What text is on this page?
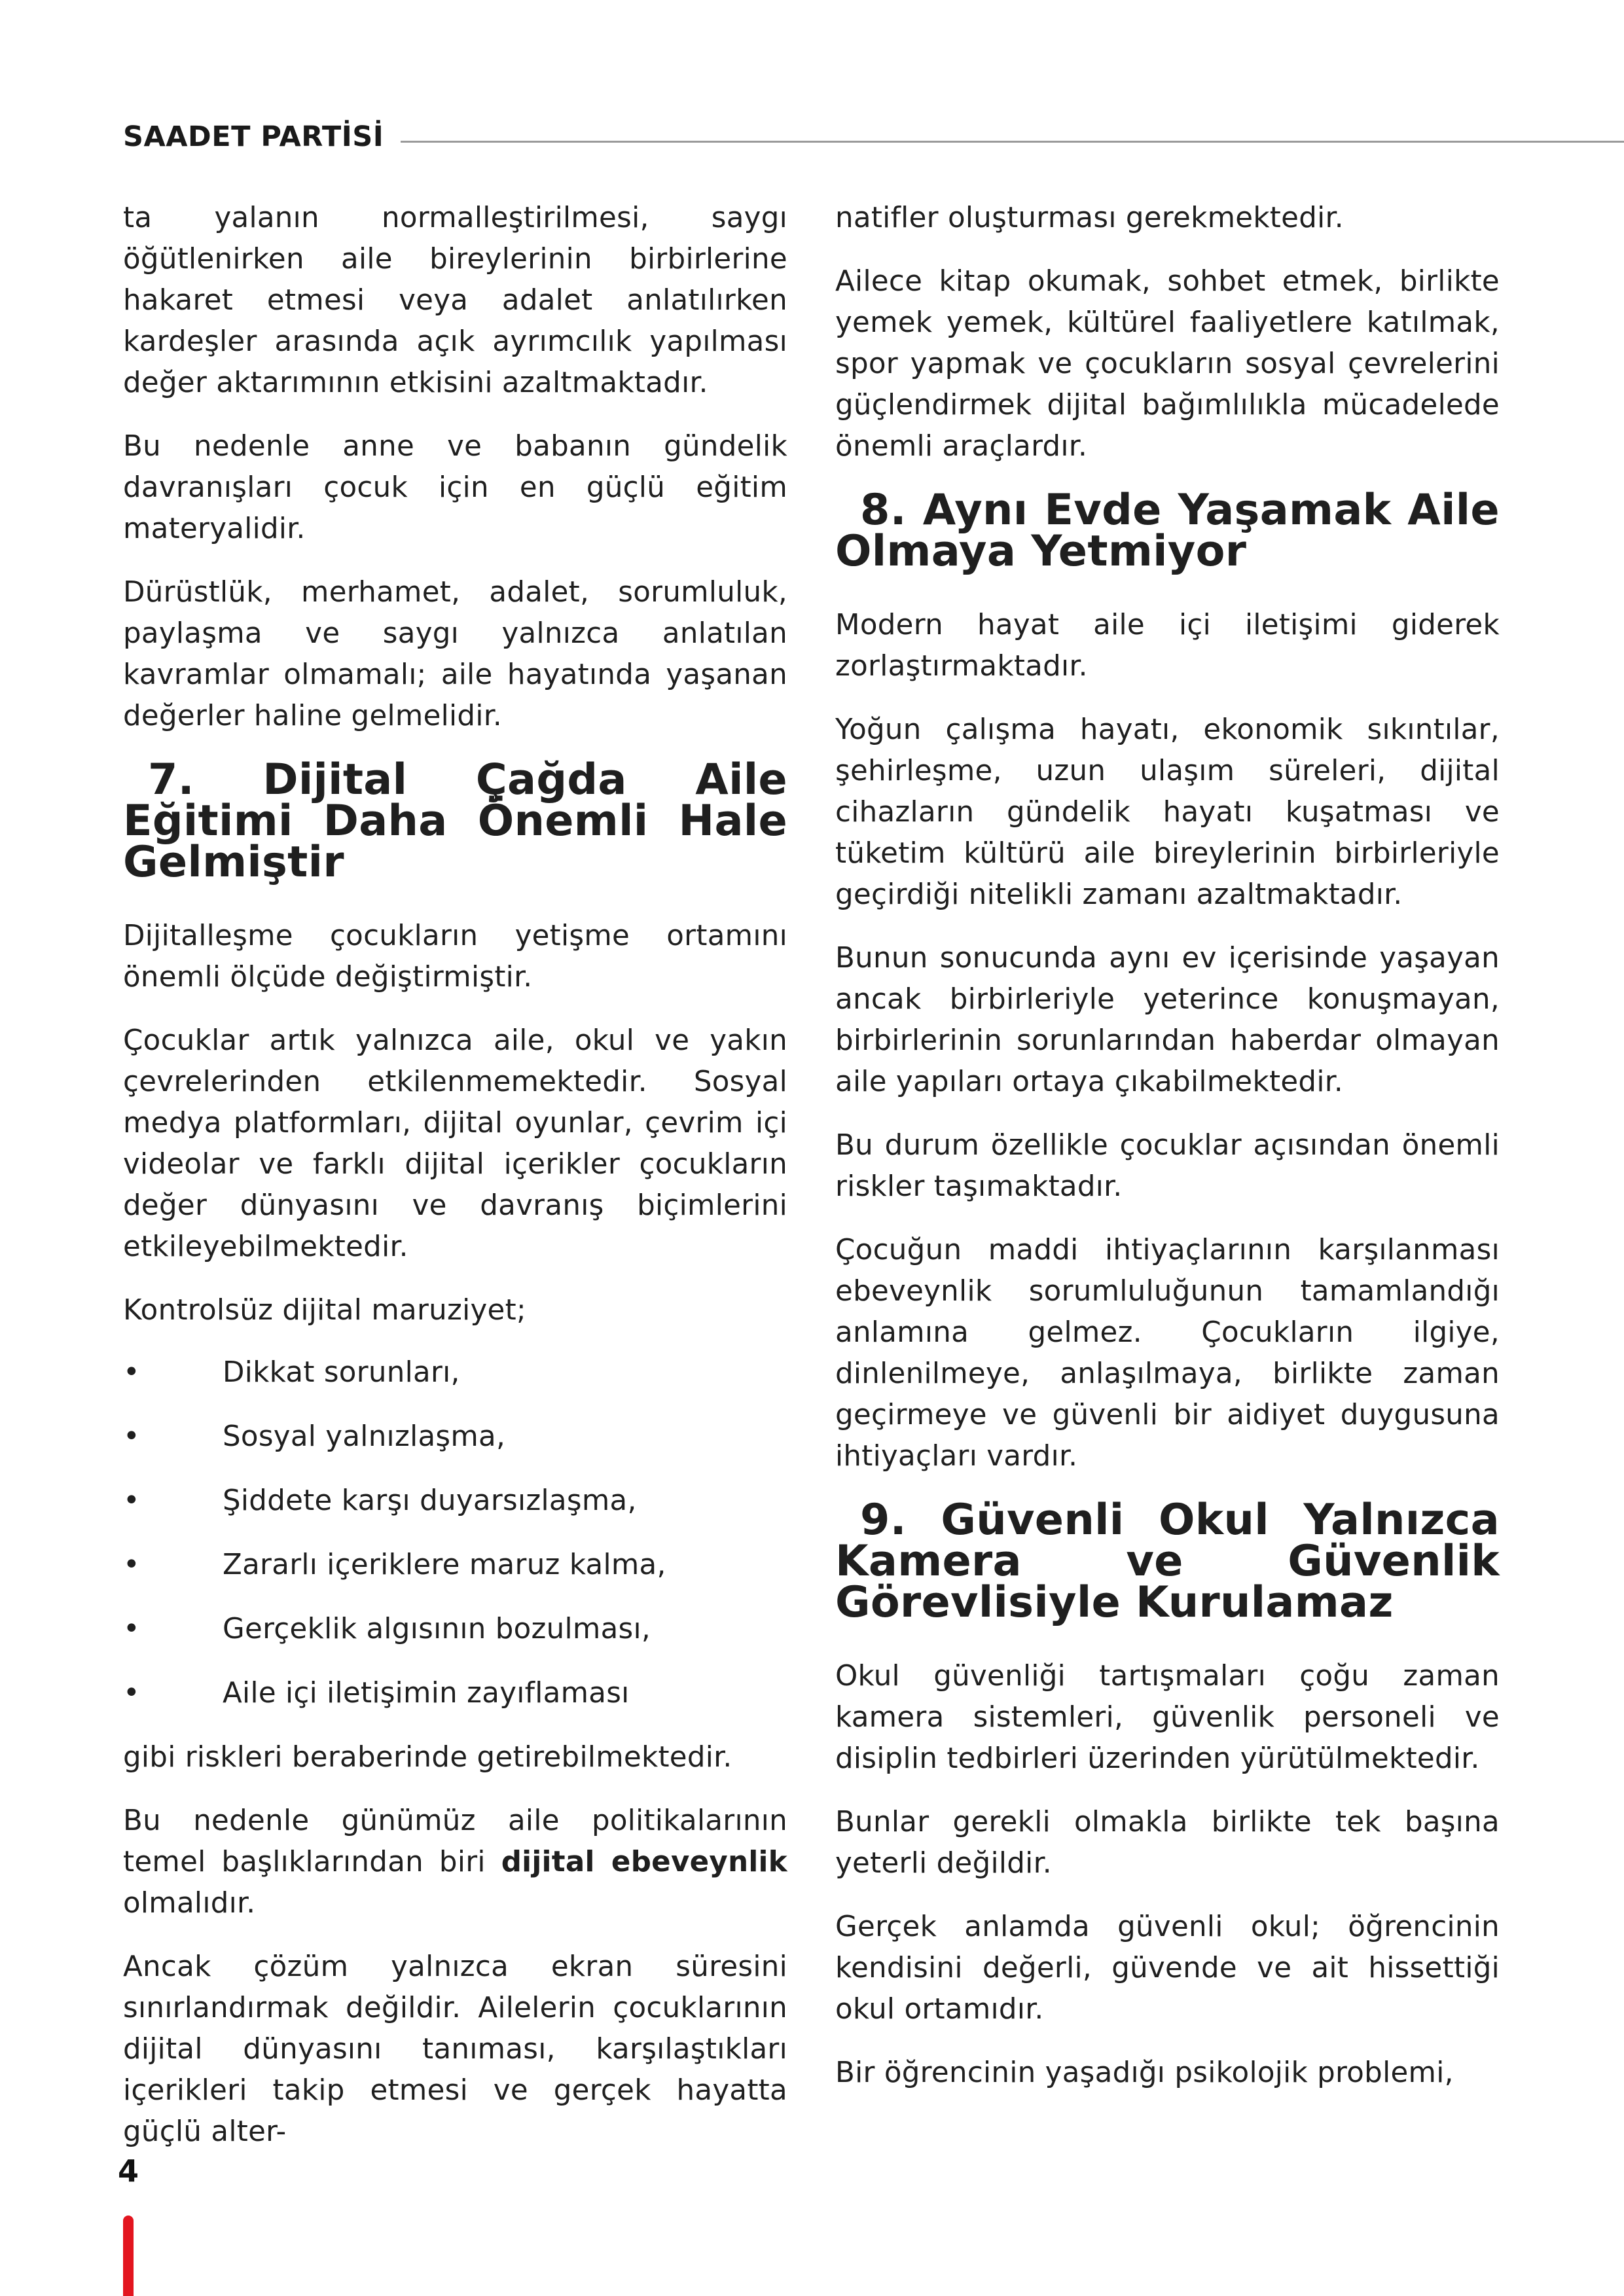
SAADET PARTİSİ

ta yalanın normalleştirilmesi, saygı öğütlenirken aile bireylerinin birbirlerine hakaret etmesi veya adalet anlatılırken kardeşler arasında açık ayrımcılık yapılması değer aktarımının etkisini azaltmaktadır.

Bu nedenle anne ve babanın gündelik davranışları çocuk için en güçlü eğitim materyalidir.

Dürüstlük, merhamet, adalet, sorumluluk, paylaşma ve saygı yalnızca anlatılan kavramlar olmamalı; aile hayatında yaşanan değerler haline gelmelidir.

7. Dijital Çağda Aile Eğitimi Daha Önemli Hale Gelmiştir

Dijitalleşme çocukların yetişme ortamını önemli ölçüde değiştirmiştir.

Çocuklar artık yalnızca aile, okul ve yakın çevrelerinden etkilenmemektedir. Sosyal medya platformları, dijital oyunlar, çevrim içi videolar ve farklı dijital içerikler çocukların değer dünyasını ve davranış biçimlerini etkileyebilmektedir.

Kontrolsüz dijital maruziyet;

•	Dikkat sorunları,
•	Sosyal yalnızlaşma,
•	Şiddete karşı duyarsızlaşma,
•	Zararlı içeriklere maruz kalma,
•	Gerçeklik algısının bozulması,
•	Aile içi iletişimin zayıflaması

gibi riskleri beraberinde getirebilmektedir.

Bu nedenle günümüz aile politikalarının temel başlıklarından biri dijital ebeveynlik olmalıdır.

Ancak çözüm yalnızca ekran süresini sınırlandırmak değildir. Ailelerin çocuklarının dijital dünyasını tanıması, karşılaştıkları içerikleri takip etmesi ve gerçek hayatta güçlü alter-

natifler oluşturması gerekmektedir.

Ailece kitap okumak, sohbet etmek, birlikte yemek yemek, kültürel faaliyetlere katılmak, spor yapmak ve çocukların sosyal çevrelerini güçlendirmek dijital bağımlılıkla mücadelede önemli araçlardır.

8. Aynı Evde Yaşamak Aile Olmaya Yetmiyor

Modern hayat aile içi iletişimi giderek zorlaştırmaktadır.

Yoğun çalışma hayatı, ekonomik sıkıntılar, şehirleşme, uzun ulaşım süreleri, dijital cihazların gündelik hayatı kuşatması ve tüketim kültürü aile bireylerinin birbirleriyle geçirdiği nitelikli zamanı azaltmaktadır.

Bunun sonucunda aynı ev içerisinde yaşayan ancak birbirleriyle yeterince konuşmayan, birbirlerinin sorunlarından haberdar olmayan aile yapıları ortaya çıkabilmektedir.

Bu durum özellikle çocuklar açısından önemli riskler taşımaktadır.

Çocuğun maddi ihtiyaçlarının karşılanması ebeveynlik sorumluluğunun tamamlandığı anlamına gelmez. Çocukların ilgiye, dinlenilmeye, anlaşılmaya, birlikte zaman geçirmeye ve güvenli bir aidiyet duygusuna ihtiyaçları vardır.

9. Güvenli Okul Yalnızca Kamera ve Güvenlik Görevlisiyle Kurulamaz

Okul güvenliği tartışmaları çoğu zaman kamera sistemleri, güvenlik personeli ve disiplin tedbirleri üzerinden yürütülmektedir.

Bunlar gerekli olmakla birlikte tek başına yeterli değildir.

Gerçek anlamda güvenli okul; öğrencinin kendisini değerli, güvende ve ait hissettiği okul ortamıdır.

Bir öğrencinin yaşadığı psikolojik problemi,

4
